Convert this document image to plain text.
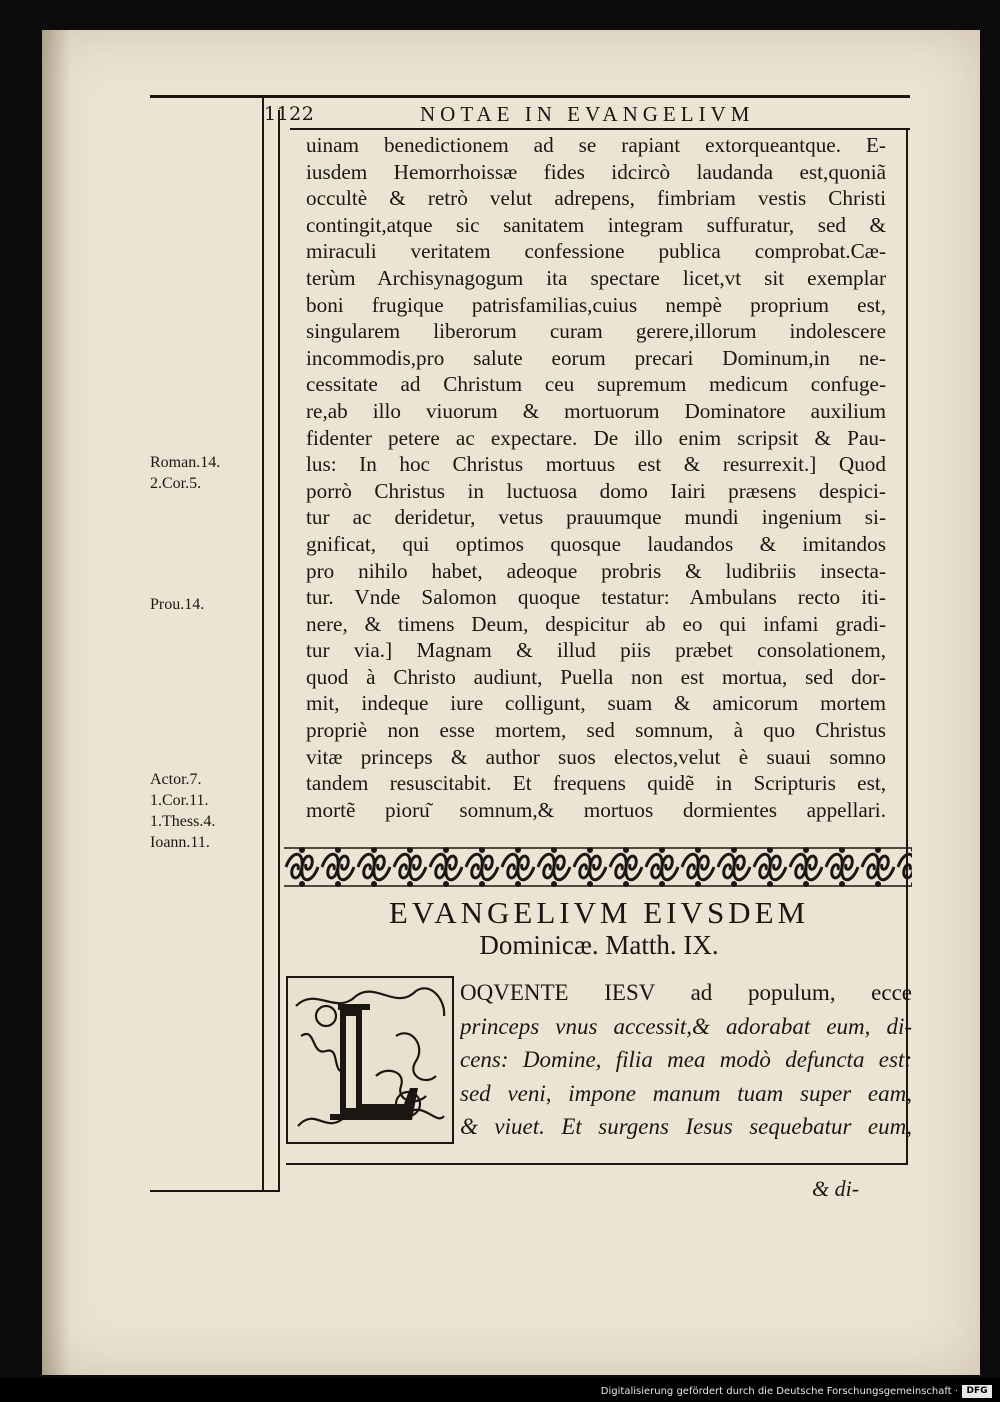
1122	NOTAE IN EVANGELIVM
uinam benedictionem ad se rapiant extorqueantque. E-
iusdem Hemorrhoissæ fides idcircò laudanda est,quoniã
occultè & retrò velut adrepens, fimbriam vestis Christi
contingit,atque sic sanitatem integram suffuratur, sed &
miraculi veritatem confessione publica comprobat.Cæ-
terùm Archisynagogum ita spectare licet,vt sit exemplar
boni frugique patrisfamilias,cuius nempè proprium est,
singularem liberorum curam gerere,illorum indolescere
incommodis,pro salute eorum precari Dominum,in ne-
cessitate ad Christum ceu supremum medicum confuge-
re,ab illo viuorum & mortuorum Dominatore auxilium
fidenter petere ac expectare. De illo enim scripsit & Pau-
lus: In hoc Christus mortuus est & resurrexit.] Quod
porrò Christus in luctuosa domo Iairi præsens despici-
tur ac deridetur, vetus prauumque mundi ingenium si-
gnificat, qui optimos quosque laudandos & imitandos
pro nihilo habet, adeoque probris & ludibriis insecta-
tur. Vnde Salomon quoque testatur: Ambulans recto iti-
nere, & timens Deum, despicitur ab eo qui infami gradi-
tur via.] Magnam & illud piis præbet consolationem,
quod à Christo audiunt, Puella non est mortua, sed dor-
mit, indeque iure colligunt, suam & amicorum mortem
propriè non esse mortem, sed somnum, à quo Christus
vitæ princeps & author suos electos,velut è suaui somno
tandem resuscitabit. Et frequens quidẽ in Scripturis est,
mortẽ pioru͂ somnum,& mortuos dormientes appellari.
Roman.14.
2.Cor.5.
Prou.14.
Actor.7.
1.Cor.11.
1.Thess.4.
Ioann.11.
EVANGELIVM EIVSDEM
Dominicæ. Matth. IX.
OQVENTE IESV ad populum, ecce
princeps vnus accessit,& adorabat eum, di-
cens: Domine, filia mea modò defuncta est:
sed veni, impone manum tuam super eam,
& viuet. Et surgens Iesus sequebatur eum,
& di-
Digitalisierung gefördert durch die Deutsche Forschungsgemeinschaft · DFG
